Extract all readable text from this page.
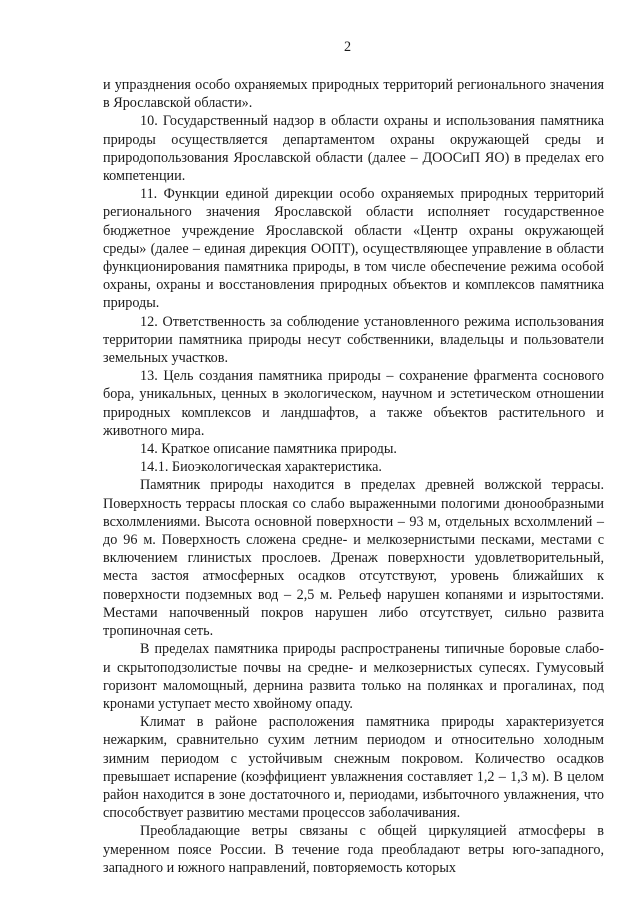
2

и упразднения особо охраняемых природных территорий регионального значения в Ярославской области».

10. Государственный надзор в области охраны и использования памятника природы осуществляется департаментом охраны окружающей среды и природопользования Ярославской области (далее – ДООСиП ЯО) в пределах его компетенции.

11. Функции единой дирекции особо охраняемых природных территорий регионального значения Ярославской области исполняет государственное бюджетное учреждение Ярославской области «Центр охраны окружающей среды» (далее – единая дирекция ООПТ), осуществляющее управление в области функционирования памятника природы, в том числе обеспечение режима особой охраны, охраны и восстановления природных объектов и комплексов памятника природы.

12. Ответственность за соблюдение установленного режима использования территории памятника природы несут собственники, владельцы и пользователи земельных участков.

13. Цель создания памятника природы – сохранение фрагмента соснового бора, уникальных, ценных в экологическом, научном и эстетическом отношении природных комплексов и ландшафтов, а также объектов растительного и животного мира.

14. Краткое описание памятника природы.

14.1. Биоэкологическая характеристика.

Памятник природы находится в пределах древней волжской террасы. Поверхность террасы плоская со слабо выраженными пологими дюнообразными всхолмлениями. Высота основной поверхности – 93 м, отдельных всхолмлений – до 96 м. Поверхность сложена средне- и мелкозернистыми песками, местами с включением глинистых прослоев. Дренаж поверхности удовлетворительный, места застоя атмосферных осадков отсутствуют, уровень ближайших к поверхности подземных вод – 2,5 м. Рельеф нарушен копанями и изрытостями. Местами напочвенный покров нарушен либо отсутствует, сильно развита тропиночная сеть.

В пределах памятника природы распространены типичные боровые слабо- и скрытоподзолистые почвы на средне- и мелкозернистых супесях. Гумусовый горизонт маломощный, дернина развита только на полянках и прогалинах, под кронами уступает место хвойному опаду.

Климат в районе расположения памятника природы характеризуется нежарким, сравнительно сухим летним периодом и относительно холодным зимним периодом с устойчивым снежным покровом. Количество осадков превышает испарение (коэффициент увлажнения составляет 1,2 – 1,3 м). В целом район находится в зоне достаточного и, периодами, избыточного увлажнения, что способствует развитию местами процессов заболачивания.

Преобладающие ветры связаны с общей циркуляцией атмосферы в умеренном поясе России. В течение года преобладают ветры юго-западного, западного и южного направлений, повторяемость которых
